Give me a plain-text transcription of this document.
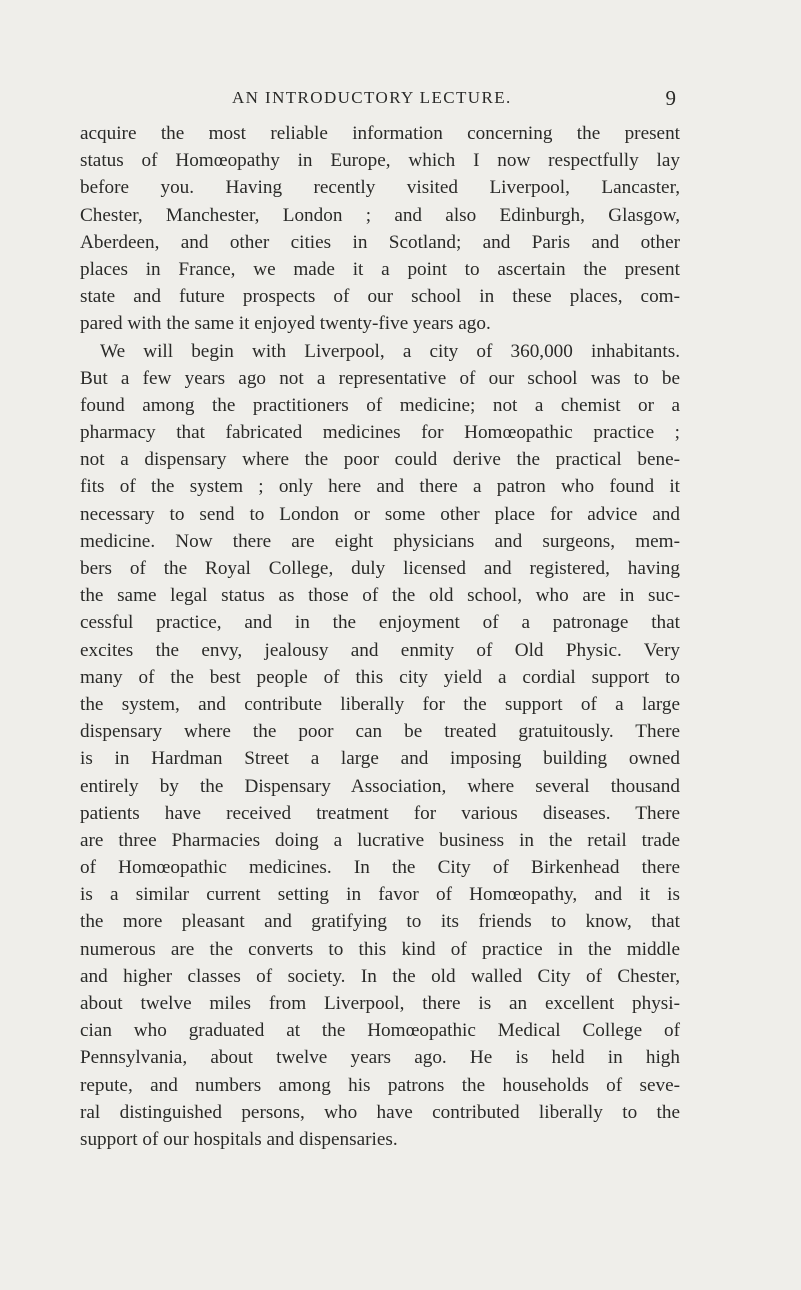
AN INTRODUCTORY LECTURE.	9
acquire the most reliable information concerning the present
status of Homœopathy in Europe, which I now respectfully lay
before you. Having recently visited Liverpool, Lancaster,
Chester, Manchester, London ; and also Edinburgh, Glasgow,
Aberdeen, and other cities in Scotland; and Paris and other
places in France, we made it a point to ascertain the present
state and future prospects of our school in these places, com-
pared with the same it enjoyed twenty-five years ago.
We will begin with Liverpool, a city of 360,000 inhabitants.
But a few years ago not a representative of our school was to be
found among the practitioners of medicine; not a chemist or a
pharmacy that fabricated medicines for Homœopathic practice ;
not a dispensary where the poor could derive the practical bene-
fits of the system ; only here and there a patron who found it
necessary to send to London or some other place for advice and
medicine. Now there are eight physicians and surgeons, mem-
bers of the Royal College, duly licensed and registered, having
the same legal status as those of the old school, who are in suc-
cessful practice, and in the enjoyment of a patronage that
excites the envy, jealousy and enmity of Old Physic. Very
many of the best people of this city yield a cordial support to
the system, and contribute liberally for the support of a large
dispensary where the poor can be treated gratuitously. There
is in Hardman Street a large and imposing building owned
entirely by the Dispensary Association, where several thousand
patients have received treatment for various diseases. There
are three Pharmacies doing a lucrative business in the retail trade
of Homœopathic medicines. In the City of Birkenhead there
is a similar current setting in favor of Homœopathy, and it is
the more pleasant and gratifying to its friends to know, that
numerous are the converts to this kind of practice in the middle
and higher classes of society. In the old walled City of Chester,
about twelve miles from Liverpool, there is an excellent physi-
cian who graduated at the Homœopathic Medical College of
Pennsylvania, about twelve years ago. He is held in high
repute, and numbers among his patrons the households of seve-
ral distinguished persons, who have contributed liberally to the
support of our hospitals and dispensaries.
